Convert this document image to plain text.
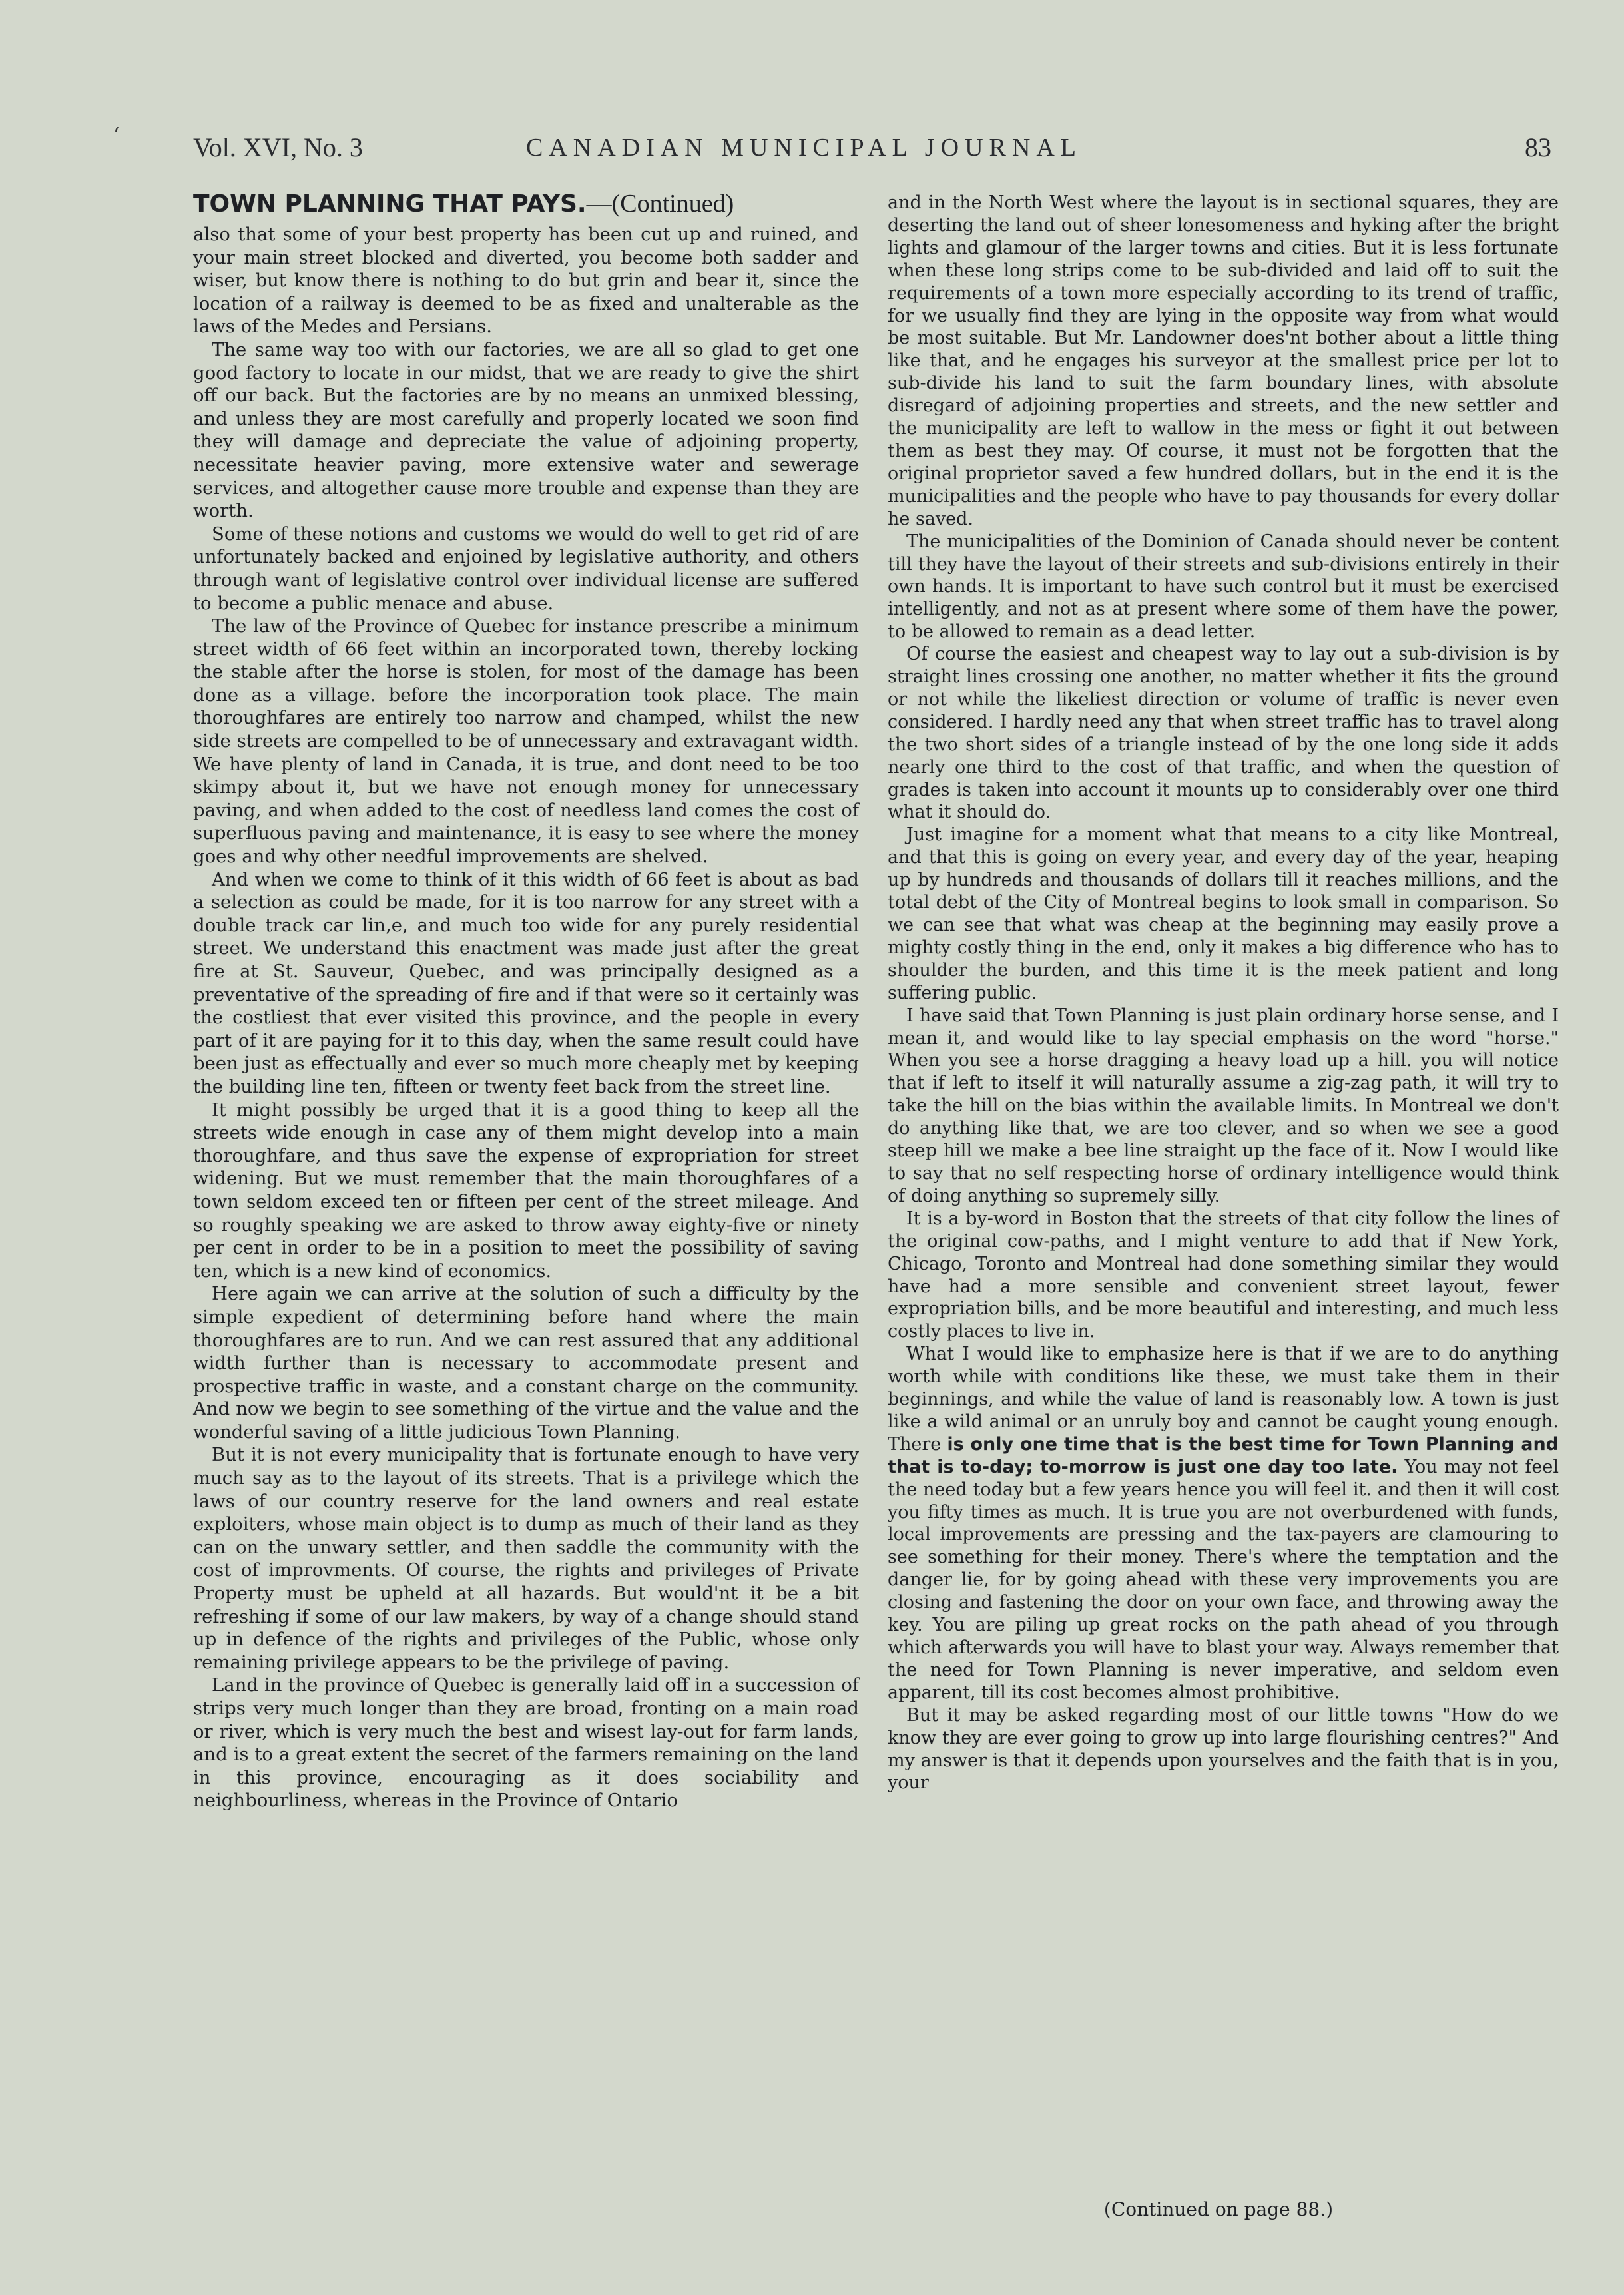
‘	Vol. XVI, No. 3	CANADIAN MUNICIPAL JOURNAL	83
TOWN PLANNING THAT PAYS.—(Continued)

also that some of your best property has been cut up and ruined, and your main street blocked and diverted, you become both sadder and wiser, but know there is nothing to do but grin and bear it, since the location of a railway is deemed to be as fixed and unalterable as the laws of the Medes and Persians.

The same way too with our factories, we are all so glad to get one good factory to locate in our midst, that we are ready to give the shirt off our back. But the factories are by no means an unmixed blessing, and unless they are most carefully and properly located we soon find they will damage and depreciate the value of adjoining property, necessitate heavier paving, more extensive water and sewerage services, and altogether cause more trouble and expense than they are worth.

Some of these notions and customs we would do well to get rid of are unfortunately backed and enjoined by legislative authority, and others through want of legislative control over individual license are suffered to become a public menace and abuse.

The law of the Province of Quebec for instance prescribe a minimum street width of 66 feet within an incorporated town, thereby locking the stable after the horse is stolen, for most of the damage has been done as a village. before the incorporation took place. The main thoroughfares are entirely too narrow and champed, whilst the new side streets are compelled to be of unnecessary and extravagant width. We have plenty of land in Canada, it is true, and dont need to be too skimpy about it, but we have not enough money for unnecessary paving, and when added to the cost of needless land comes the cost of superfluous paving and maintenance, it is easy to see where the money goes and why other needful improvements are shelved.

And when we come to think of it this width of 66 feet is about as bad a selection as could be made, for it is too narrow for any street with a double track car lin,e, and much too wide for any purely residential street. We understand this enactment was made just after the great fire at St. Sauveur, Quebec, and was principally designed as a preventative of the spreading of fire and if that were so it certainly was the costliest that ever visited this province, and the people in every part of it are paying for it to this day, when the same result could have been just as effectually and ever so much more cheaply met by keeping the building line ten, fifteen or twenty feet back from the street line.

It might possibly be urged that it is a good thing to keep all the streets wide enough in case any of them might develop into a main thoroughfare, and thus save the expense of expropriation for street widening. But we must remember that the main thoroughfares of a town seldom exceed ten or fifteen per cent of the street mileage. And so roughly speaking we are asked to throw away eighty-five or ninety per cent in order to be in a position to meet the possibility of saving ten, which is a new kind of economics.

Here again we can arrive at the solution of such a difficulty by the simple expedient of determining before hand where the main thoroughfares are to run. And we can rest assured that any additional width further than is necessary to accommodate present and prospective traffic in waste, and a constant charge on the community. And now we begin to see something of the virtue and the value and the wonderful saving of a little judicious Town Planning.

But it is not every municipality that is fortunate enough to have very much say as to the layout of its streets. That is a privilege which the laws of our country reserve for the land owners and real estate exploiters, whose main object is to dump as much of their land as they can on the unwary settler, and then saddle the community with the cost of improvments. Of course, the rights and privileges of Private Property must be upheld at all hazards. But would'nt it be a bit refreshing if some of our law makers, by way of a change should stand up in defence of the rights and privileges of the Public, whose only remaining privilege appears to be the privilege of paving.

Land in the province of Quebec is generally laid off in a succession of strips very much longer than they are broad, fronting on a main road or river, which is very much the best and wisest lay-out for farm lands, and is to a great extent the secret of the farmers remaining on the land in this province, encouraging as it does sociability and neighbourliness, whereas in the Province of Ontario

and in the North West where the layout is in sectional squares, they are deserting the land out of sheer lonesomeness and hyking after the bright lights and glamour of the larger towns and cities. But it is less fortunate when these long strips come to be sub-divided and laid off to suit the requirements of a town more especially according to its trend of traffic, for we usually find they are lying in the opposite way from what would be most suitable. But Mr. Landowner does'nt bother about a little thing like that, and he engages his surveyor at the smallest price per lot to sub-divide his land to suit the farm boundary lines, with absolute disregard of adjoining properties and streets, and the new settler and the municipality are left to wallow in the mess or fight it out between them as best they may. Of course, it must not be forgotten that the original proprietor saved a few hundred dollars, but in the end it is the municipalities and the people who have to pay thousands for every dollar he saved.

The municipalities of the Dominion of Canada should never be content till they have the layout of their streets and sub-divisions entirely in their own hands. It is important to have such control but it must be exercised intelligently, and not as at present where some of them have the power, to be allowed to remain as a dead letter.

Of course the easiest and cheapest way to lay out a sub-division is by straight lines crossing one another, no matter whether it fits the ground or not while the likeliest direction or volume of traffic is never even considered. I hardly need any that when street traffic has to travel along the two short sides of a triangle instead of by the one long side it adds nearly one third to the cost of that traffic, and when the question of grades is taken into account it mounts up to considerably over one third what it should do.

Just imagine for a moment what that means to a city like Montreal, and that this is going on every year, and every day of the year, heaping up by hundreds and thousands of dollars till it reaches millions, and the total debt of the City of Montreal begins to look small in comparison. So we can see that what was cheap at the beginning may easily prove a mighty costly thing in the end, only it makes a big difference who has to shoulder the burden, and this time it is the meek patient and long suffering public.

I have said that Town Planning is just plain ordinary horse sense, and I mean it, and would like to lay special emphasis on the word "horse." When you see a horse dragging a heavy load up a hill. you will notice that if left to itself it will naturally assume a zig-zag path, it will try to take the hill on the bias within the available limits. In Montreal we don't do anything like that, we are too clever, and so when we see a good steep hill we make a bee line straight up the face of it. Now I would like to say that no self respecting horse of ordinary intelligence would think of doing anything so supremely silly.

It is a by-word in Boston that the streets of that city follow the lines of the original cow-paths, and I might venture to add that if New York, Chicago, Toronto and Montreal had done something similar they would have had a more sensible and convenient street layout, fewer expropriation bills, and be more beautiful and interesting, and much less costly places to live in.

What I would like to emphasize here is that if we are to do anything worth while with conditions like these, we must take them in their beginnings, and while the value of land is reasonably low. A town is just like a wild animal or an unruly boy and cannot be caught young enough. There is only one time that is the best time for Town Planning and that is to-day; to-morrow is just one day too late. You may not feel the need today but a few years hence you will feel it. and then it will cost you fifty times as much. It is true you are not overburdened with funds, local improvements are pressing and the tax-payers are clamouring to see something for their money. There's where the temptation and the danger lie, for by going ahead with these very improvements you are closing and fastening the door on your own face, and throwing away the key. You are piling up great rocks on the path ahead of you through which afterwards you will have to blast your way. Always remember that the need for Town Planning is never imperative, and seldom even apparent, till its cost becomes almost prohibitive.

But it may be asked regarding most of our little towns "How do we know they are ever going to grow up into large flourishing centres?" And my answer is that it depends upon yourselves and the faith that is in you, your

(Continued on page 88.)
